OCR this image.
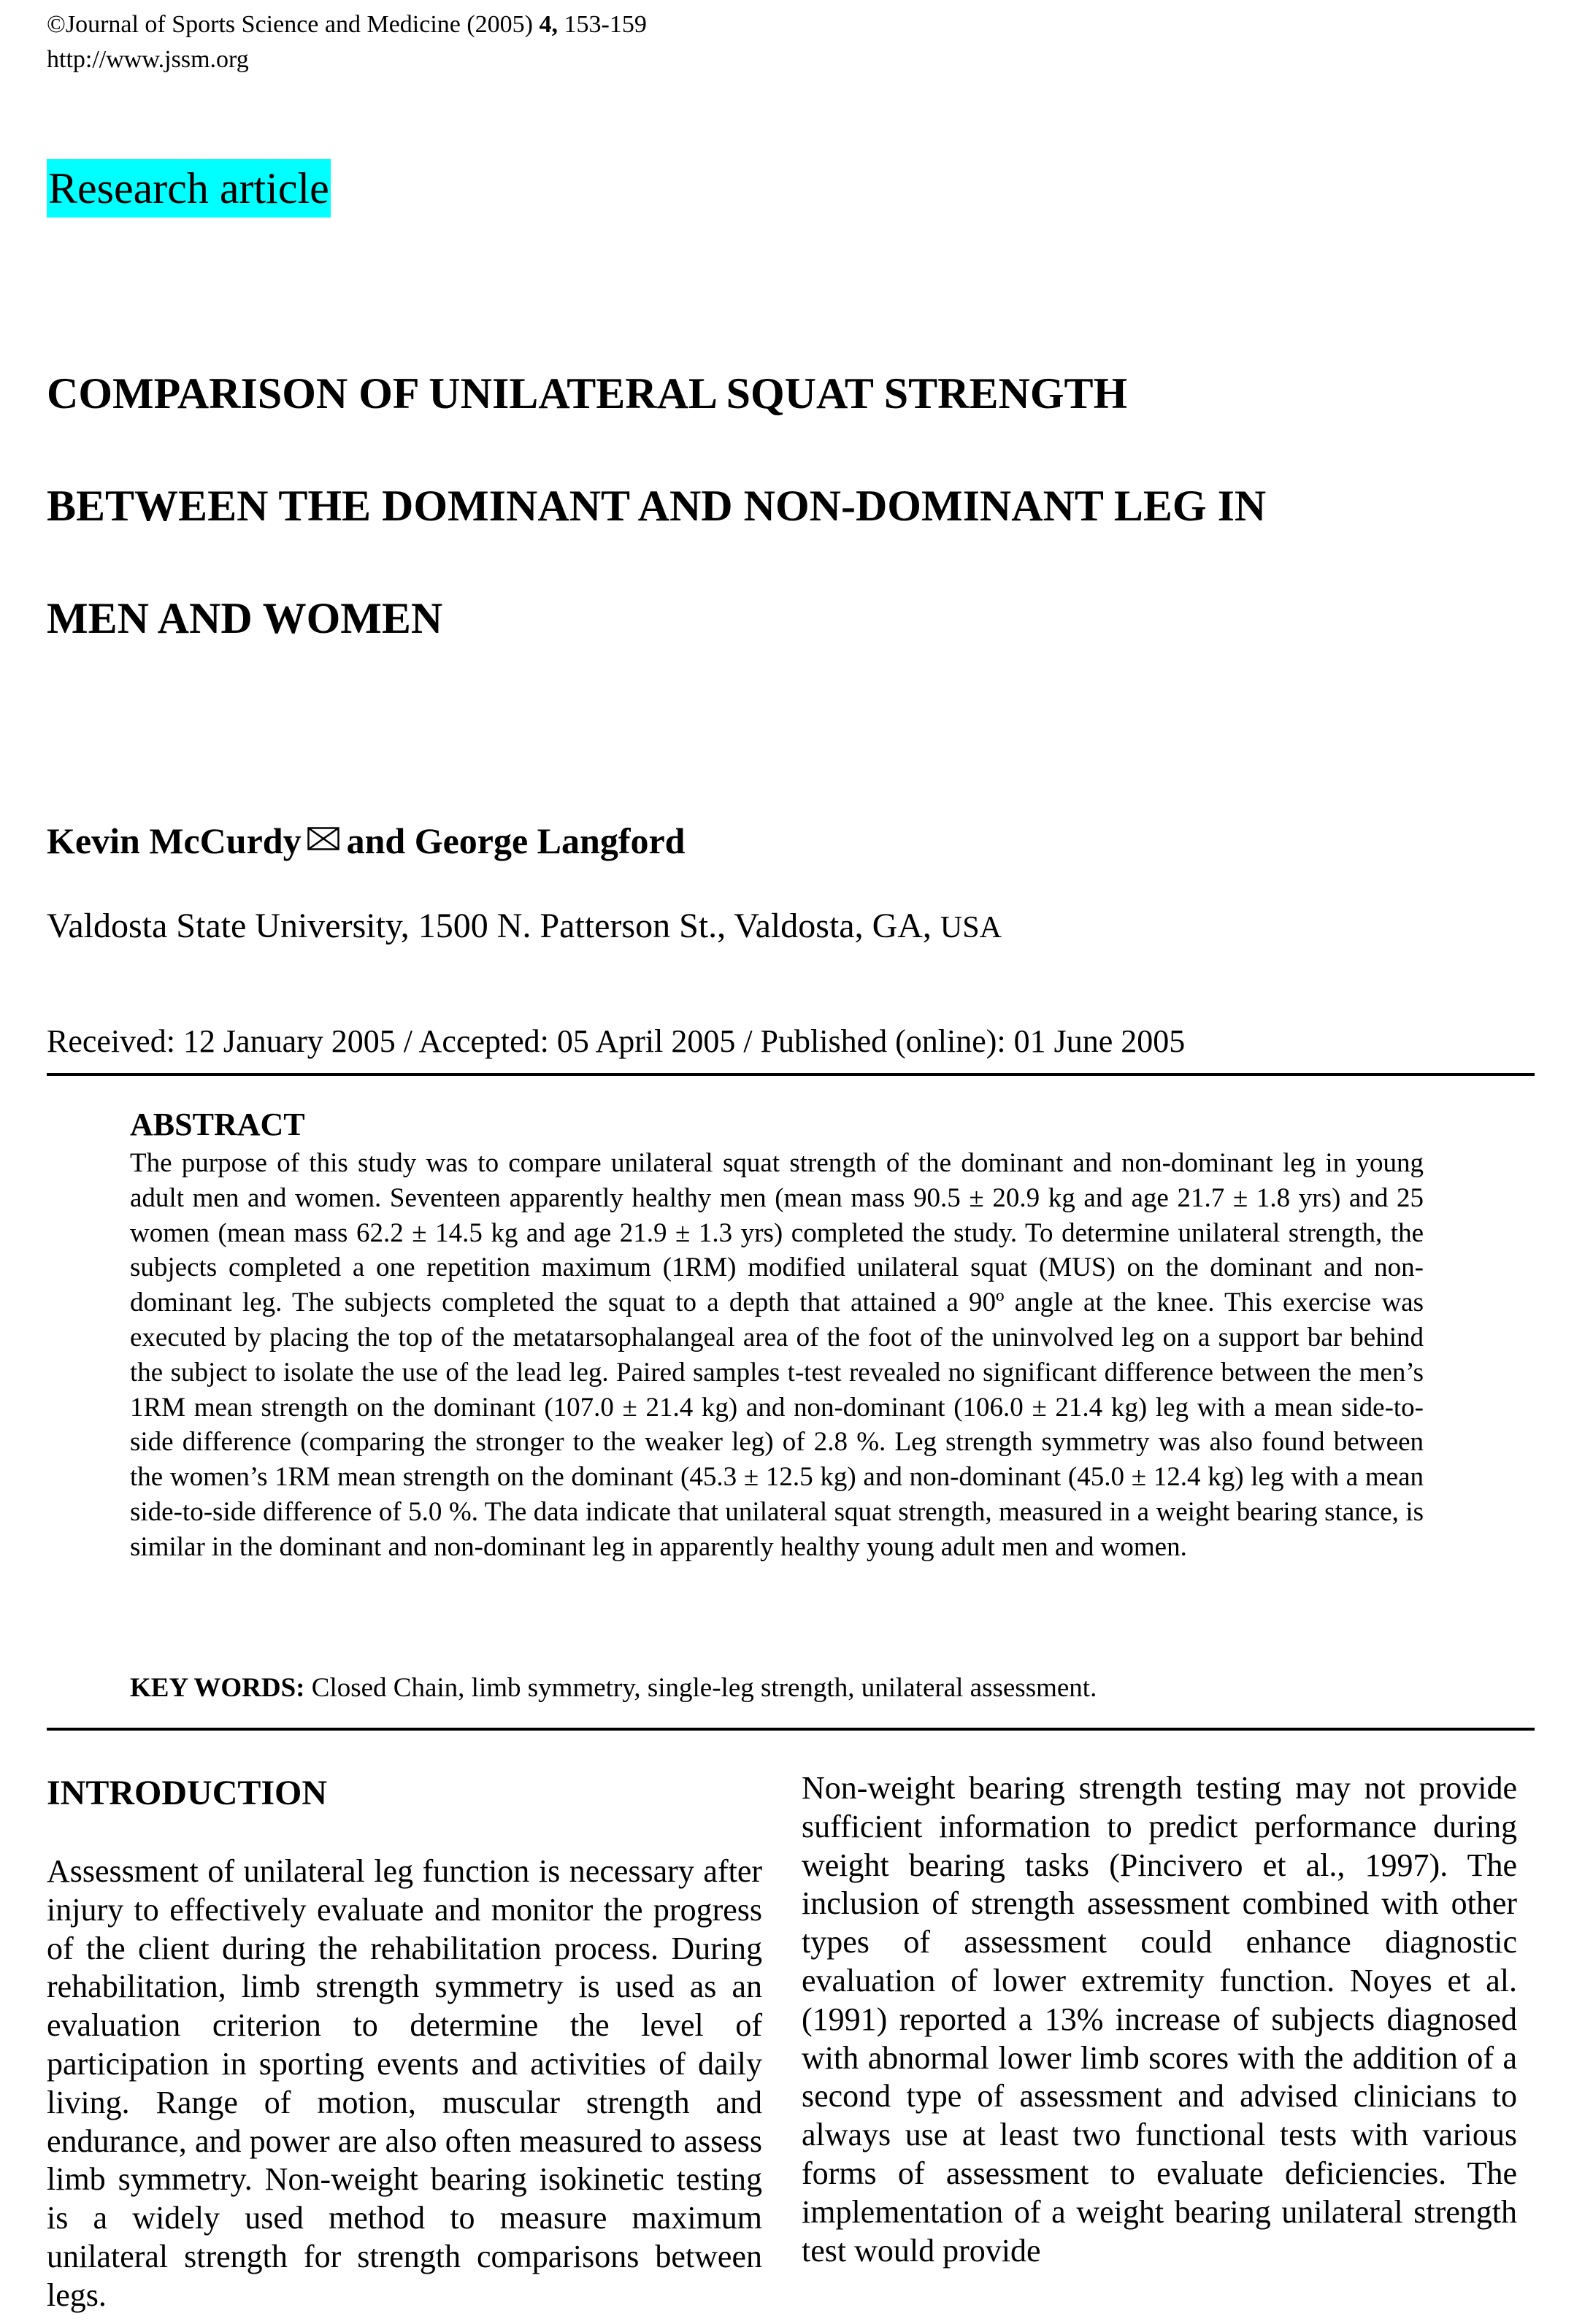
©Journal of Sports Science and Medicine (2005) 4, 153-159
http://www.jssm.org
Research article
COMPARISON OF UNILATERAL SQUAT STRENGTH
BETWEEN THE DOMINANT AND NON-DOMINANT LEG IN
MEN AND WOMEN
Kevin McCurdy and George Langford
Valdosta State University, 1500 N. Patterson St., Valdosta, GA, USA
Received: 12 January 2005 / Accepted: 05 April 2005 / Published (online): 01 June 2005
ABSTRACT
The purpose of this study was to compare unilateral squat strength of the dominant and non-dominant leg in young adult men and women. Seventeen apparently healthy men (mean mass 90.5 ± 20.9 kg and age 21.7 ± 1.8 yrs) and 25 women (mean mass 62.2 ± 14.5 kg and age 21.9 ± 1.3 yrs) completed the study. To determine unilateral strength, the subjects completed a one repetition maximum (1RM) modified unilateral squat (MUS) on the dominant and non-dominant leg. The subjects completed the squat to a depth that attained a 90º angle at the knee. This exercise was executed by placing the top of the metatarsophalangeal area of the foot of the uninvolved leg on a support bar behind the subject to isolate the use of the lead leg. Paired samples t-test revealed no significant difference between the men’s 1RM mean strength on the dominant (107.0 ± 21.4 kg) and non-dominant (106.0 ± 21.4 kg) leg with a mean side-to-side difference (comparing the stronger to the weaker leg) of 2.8 %. Leg strength symmetry was also found between the women’s 1RM mean strength on the dominant (45.3 ± 12.5 kg) and non-dominant (45.0 ± 12.4 kg) leg with a mean side-to-side difference of 5.0 %. The data indicate that unilateral squat strength, measured in a weight bearing stance, is similar in the dominant and non-dominant leg in apparently healthy young adult men and women.
KEY WORDS: Closed Chain, limb symmetry, single-leg strength, unilateral assessment.
INTRODUCTION

Assessment of unilateral leg function is necessary after injury to effectively evaluate and monitor the progress of the client during the rehabilitation process. During rehabilitation, limb strength symmetry is used as an evaluation criterion to determine the level of participation in sporting events and activities of daily living. Range of motion, muscular strength and endurance, and power are also often measured to assess limb symmetry. Non-weight bearing isokinetic testing is a widely used method to measure maximum unilateral strength for strength comparisons between legs.

Non-weight bearing strength testing may not provide sufficient information to predict performance during weight bearing tasks (Pincivero et al., 1997). The inclusion of strength assessment combined with other types of assessment could enhance diagnostic evaluation of lower extremity function. Noyes et al. (1991) reported a 13% increase of subjects diagnosed with abnormal lower limb scores with the addition of a second type of assessment and advised clinicians to always use at least two functional tests with various forms of assessment to evaluate deficiencies. The implementation of a weight bearing unilateral strength test would provide
